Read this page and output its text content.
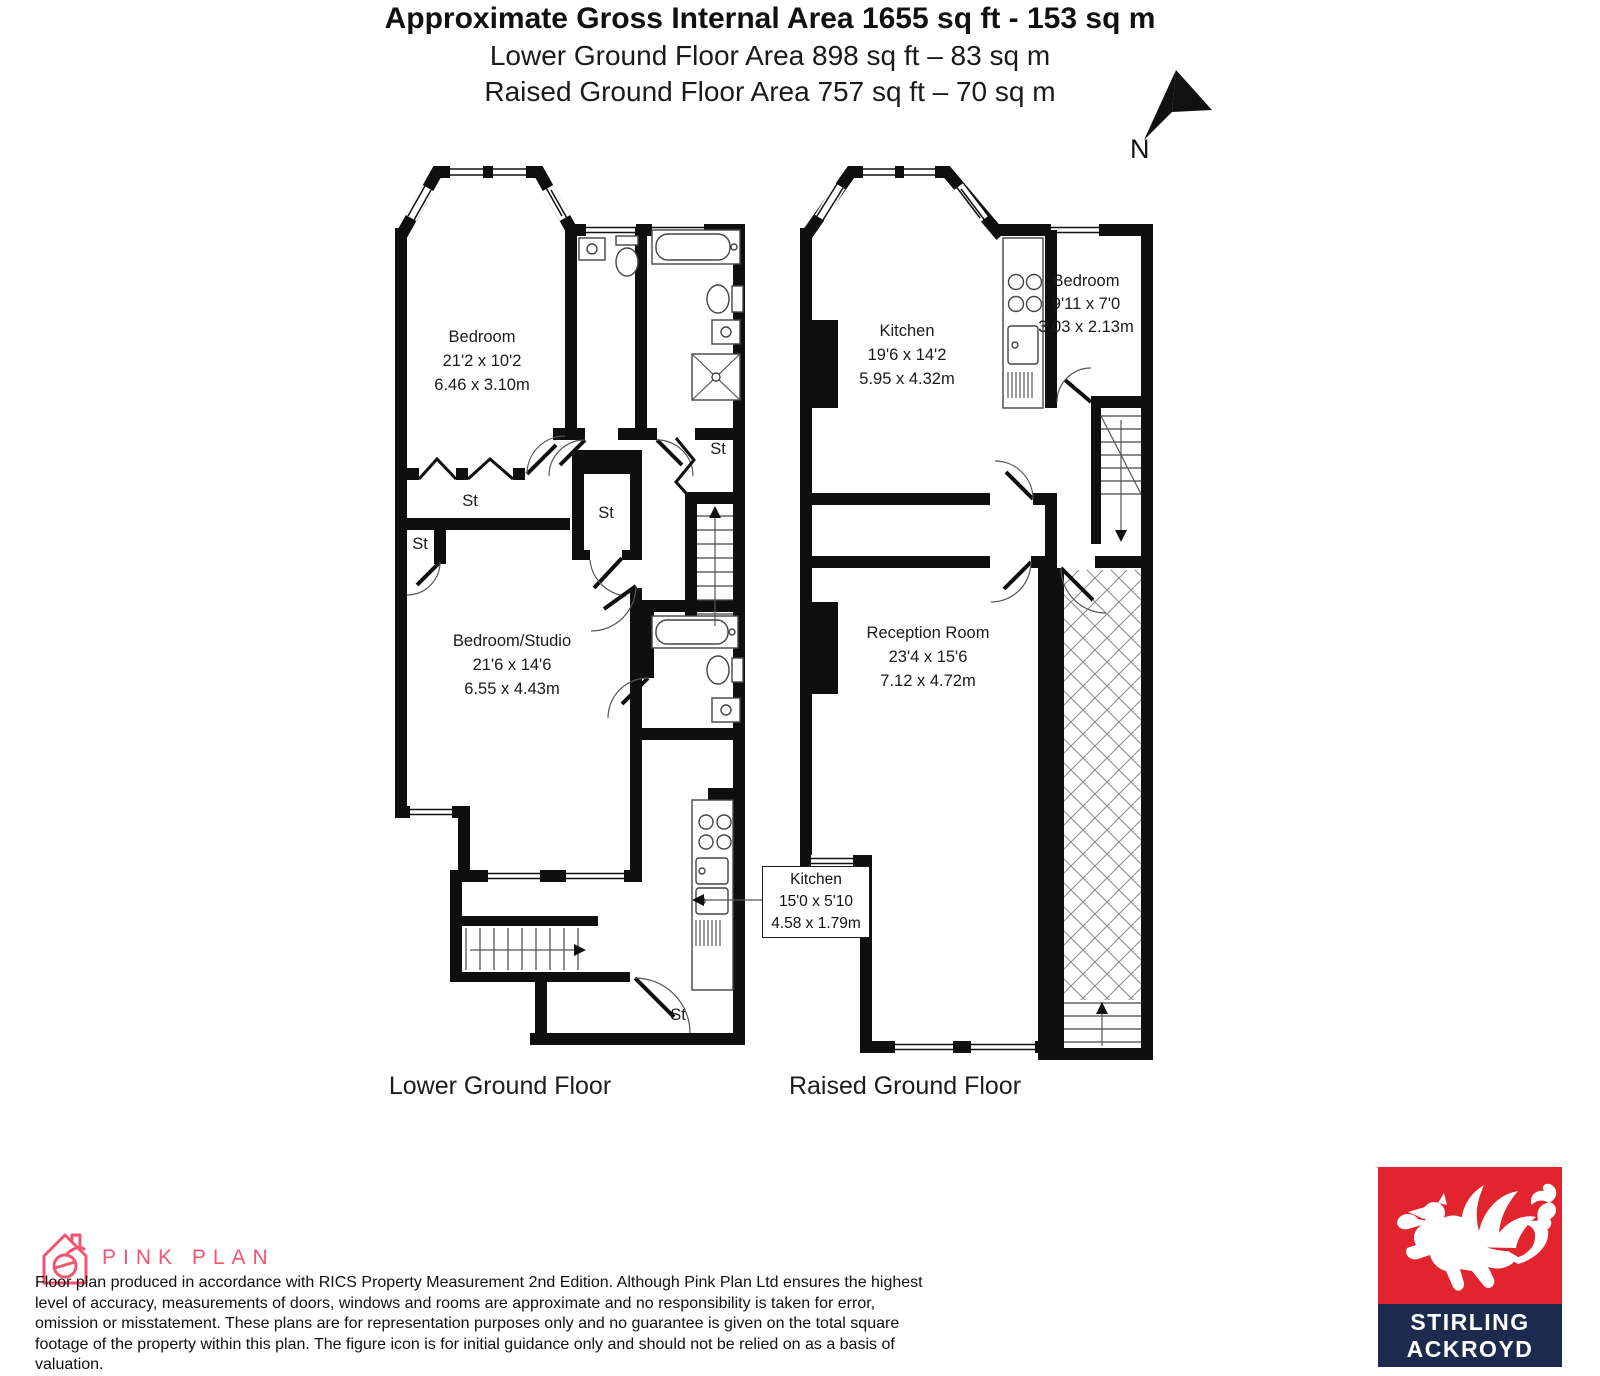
Approximate Gross Internal Area 1655 sq ft - 153 sq m
Lower Ground Floor Area 898 sq ft – 83 sq m
Raised Ground Floor Area 757 sq ft – 70 sq m
N
Bedroom
21'2 x 10'2
6.46 x 3.10m
Bedroom/Studio
21'6 x 14'6
6.55 x 4.43m
St
St
St
St
St
Kitchen
15'0 x 5'10
4.58 x 1.79m
Kitchen
19'6 x 14'2
5.95 x 4.32m
Bedroom
9'11 x 7'0
3.03 x 2.13m
Reception Room
23'4 x 15'6
7.12 x 4.72m
Lower Ground Floor	Raised Ground Floor
PINK PLAN
Floor plan produced in accordance with RICS Property Measurement 2nd Edition. Although Pink Plan Ltd ensures the highest level of accuracy, measurements of doors, windows and rooms are approximate and no responsibility is taken for error, omission or misstatement. These plans are for representation purposes only and no guarantee is given on the total square footage of the property within this plan. The figure icon is for initial guidance only and should not be relied on as a basis of valuation.
STIRLING
ACKROYD
